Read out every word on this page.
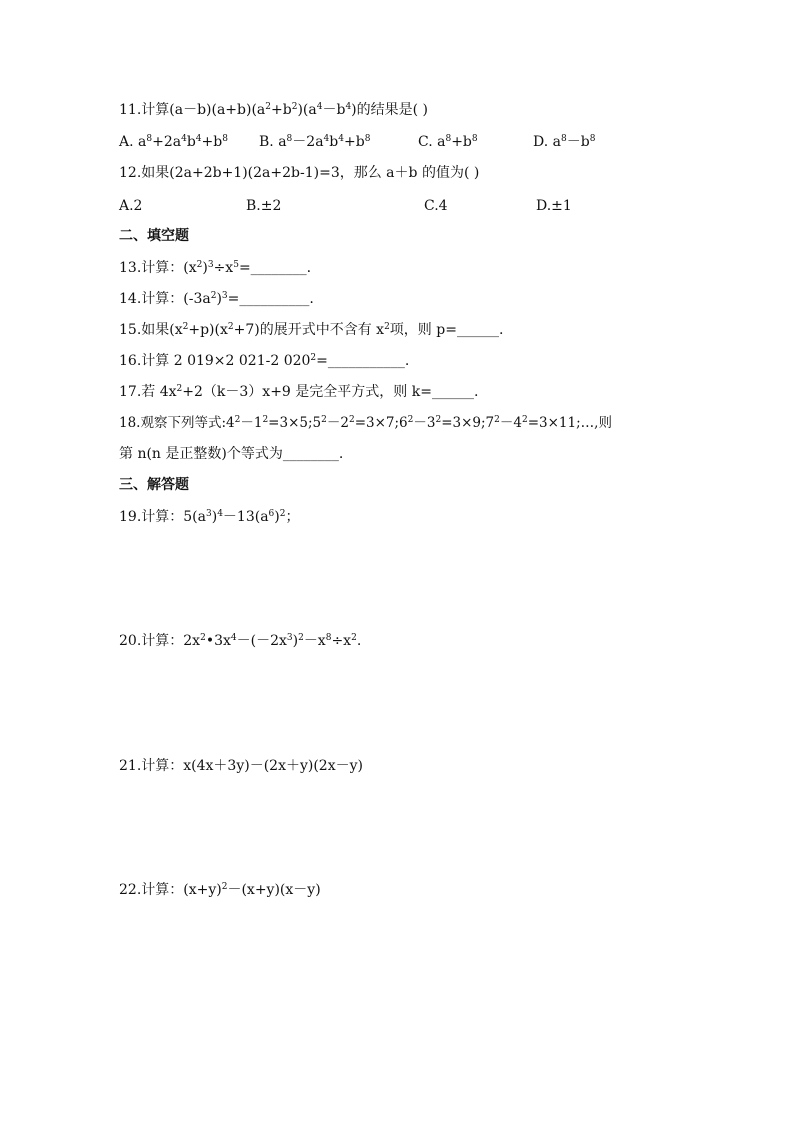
11.计算$(a-b)(a+b)(a^2+b^2)(a^4-b^4)$的结果是( )
A. $a^8+2a^4b^4+b^8$ B. $a^8-2a^4b^4+b^8$	C. $a^8+b^8$	D. $a^8-b^8$
12.如果(2a+2b+1)(2a+2b-1)=3，那么 a＋b 的值为( )
A.2	B.±2	C.4	D.±1
二、填空题
13.计算：$(x^2)^3\div x^5=\_\_\_\_\_\_\_\_$.
14.计算：$(-3a^2)^3=\_\_\_\_\_\_\_\_\_\_$.
15.如果$(x^2+p)(x^2+7)$的展开式中不含有 $x^2$项，则 p=______.
16.计算 2 019×2 021-2 $020^2=\_\_\_\_\_\_\_\_\_\_\_$.
17.若 $4x^2+2(k-3)x+9$ 是完全平方式，则 k=______.
18.观察下列等式$:4^2-1^2=3\times 5;5^2-2^2=3\times 7;6^2-3^2=3\times 9;7^2-4^2=3\times 11;\dots$,则
第 n(n 是正整数)个等式为________.
三、解答题
19.计算：$5(a^3)^4-13(a^6)^2$；
20.计算：$2x^2•3x^4-(-2x^3)^2-x^8\div x^2$.
21.计算：x(4x＋3y)－(2x＋y)(2x－y)
22.计算：$(x+y)^2-(x+y)(x-y)$
